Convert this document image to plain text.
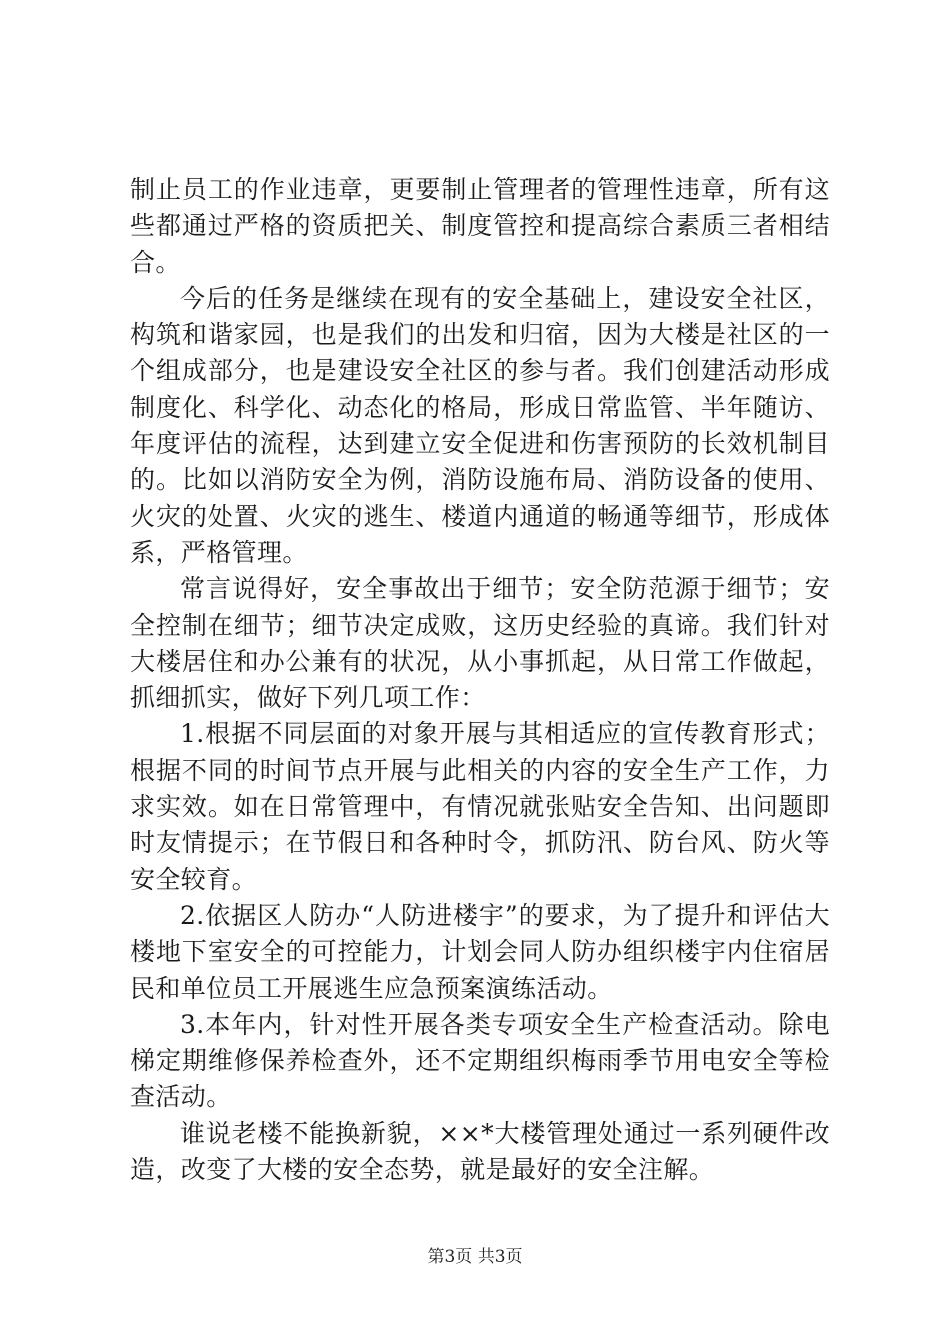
制止员工的作业违章，更要制止管理者的管理性违章，所有这些都通过严格的资质把关、制度管控和提高综合素质三者相结合。

今后的任务是继续在现有的安全基础上，建设安全社区，构筑和谐家园，也是我们的出发和归宿，因为大楼是社区的一个组成部分，也是建设安全社区的参与者。我们创建活动形成制度化、科学化、动态化的格局，形成日常监管、半年随访、年度评估的流程，达到建立安全促进和伤害预防的长效机制目的。比如以消防安全为例，消防设施布局、消防设备的使用、火灾的处置、火灾的逃生、楼道内通道的畅通等细节，形成体系，严格管理。

常言说得好，安全事故出于细节；安全防范源于细节；安全控制在细节；细节决定成败，这历史经验的真谛。我们针对大楼居住和办公兼有的状况，从小事抓起，从日常工作做起，抓细抓实，做好下列几项工作：

1.根据不同层面的对象开展与其相适应的宣传教育形式；根据不同的时间节点开展与此相关的内容的安全生产工作，力求实效。如在日常管理中，有情况就张贴安全告知、出问题即时友情提示；在节假日和各种时令，抓防汛、防台风、防火等安全较育。

2.依据区人防办“人防进楼宇”的要求，为了提升和评估大楼地下室安全的可控能力，计划会同人防办组织楼宇内住宿居民和单位员工开展逃生应急预案演练活动。

3.本年内，针对性开展各类专项安全生产检查活动。除电梯定期维修保养检查外，还不定期组织梅雨季节用电安全等检查活动。

谁说老楼不能换新貌，××*大楼管理处通过一系列硬件改造，改变了大楼的安全态势，就是最好的安全注解。

第3页 共3页
